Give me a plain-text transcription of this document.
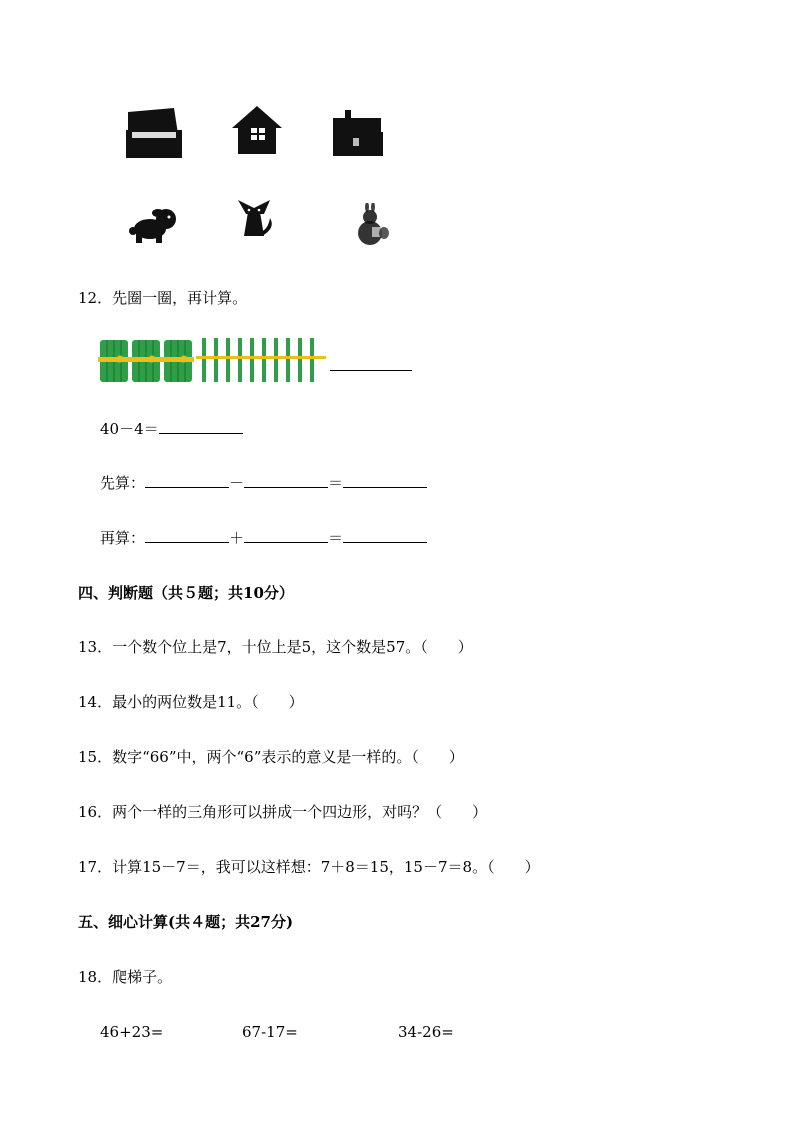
12．先圈一圈，再计算。
40－4＝
先算：	－	＝
再算：	＋	＝
四、判断题（共５题；共10分）
13．一个数个位上是7，十位上是5，这个数是57。（　　）
14．最小的两位数是11。（　　）
15．数字“66”中，两个“6”表示的意义是一样的。（　　）
16．两个一样的三角形可以拼成一个四边形，对吗？（　　）
17．计算15－7＝，我可以这样想：7＋8＝15，15－7＝8。（　　）
五、细心计算(共４题；共27分)
18．爬梯子。
46+23=	67-17=	34-26=
